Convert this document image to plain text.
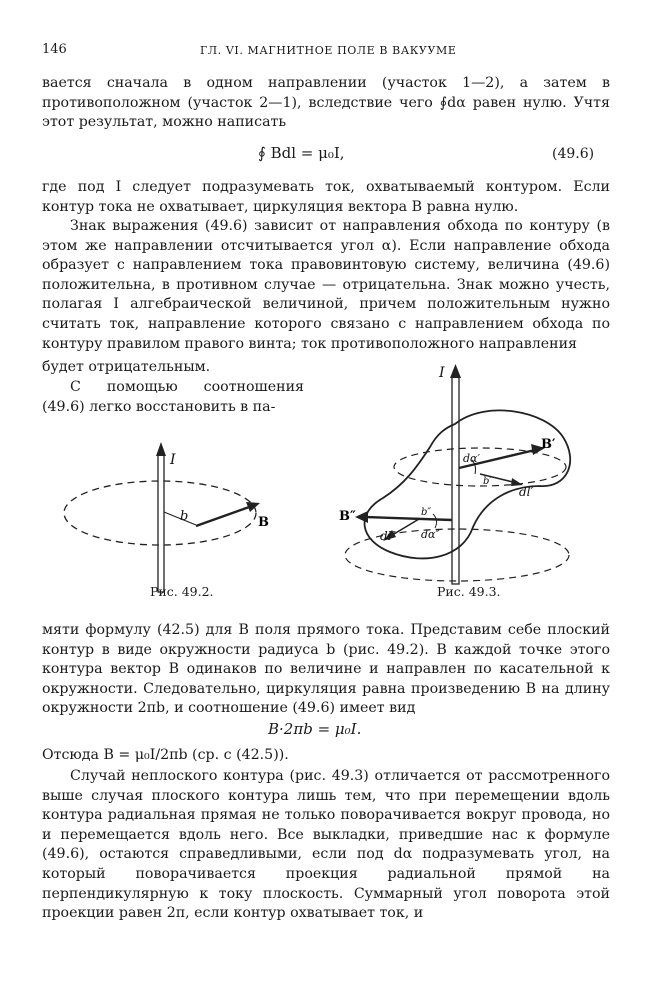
146	ГЛ. VI. МАГНИТНОЕ ПОЛЕ В ВАКУУМЕ

вается сначала в одном направлении (участок 1—2), а затем в противоположном (участок 2—1), вследствие чего ∮dα равен нулю. Учтя этот результат, можно написать

∮ Bdl = μ₀I,	(49.6)

где под I следует подразумевать ток, охватываемый контуром. Если контур тока не охватывает, циркуляция вектора B равна нулю.

Знак выражения (49.6) зависит от направления обхода по контуру (в этом же направлении отсчитывается угол α). Если направление обхода образует с направлением тока правовинтовую систему, величина (49.6) положительна, в противном случае — отрицательна. Знак можно учесть, полагая I алгебраической величиной, причем положительным нужно считать ток, направление которого связано с направлением обхода по контуру правилом правого винта; ток противоположного направления

будет отрицательным.

С помощью соотношения (49.6) легко восстановить в па-

I
b	B
Рис. 49.2.
B′
B″
I
dl′
dl″
dα′
dα″
b′
b″
Рис. 49.3.

мяти формулу (42.5) для B поля прямого тока. Представим себе плоский контур в виде окружности радиуса b (рис. 49.2). В каждой точке этого контура вектор B одинаков по величине и направлен по касательной к окружности. Следовательно, циркуляция равна произведению B на длину окружности 2πb, и соотношение (49.6) имеет вид

B·2πb = μ₀I.

Отсюда B = μ₀I/2πb (ср. с (42.5)).

Случай неплоского контура (рис. 49.3) отличается от рассмотренного выше случая плоского контура лишь тем, что при перемещении вдоль контура радиальная прямая не только поворачивается вокруг провода, но и перемещается вдоль него. Все выкладки, приведшие нас к формуле (49.6), остаются справедливыми, если под dα подразумевать угол, на который поворачивается проекция радиальной прямой на перпендикулярную к току плоскость. Суммарный угол поворота этой проекции равен 2π, если контур охватывает ток, и
